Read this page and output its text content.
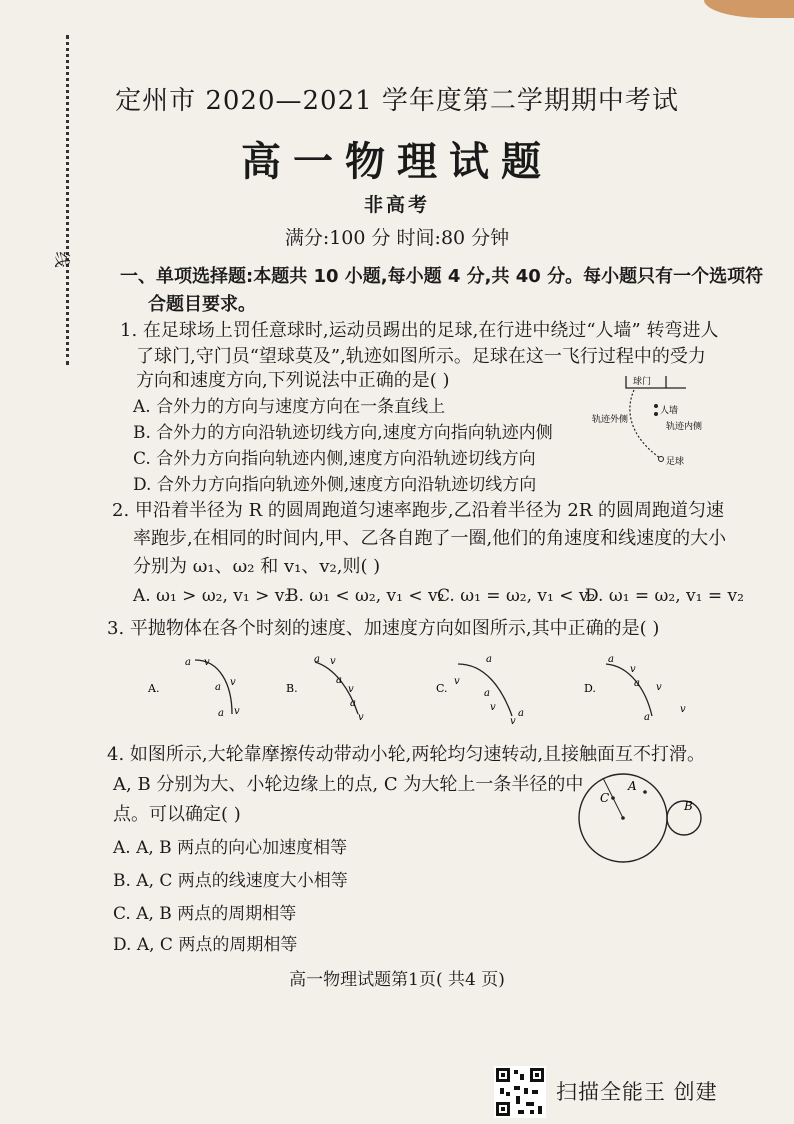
线
定州市 2020—2021 学年度第二学期期中考试
高一物理试题
非高考
满分:100 分 时间:80 分钟
一、单项选择题:本题共 10 小题,每小题 4 分,共 40 分。每小题只有一个选项符
合题目要求。
1. 在足球场上罚任意球时,运动员踢出的足球,在行进中绕过“人墙” 转弯进人
了球门,守门员“望球莫及”,轨迹如图所示。足球在这一飞行过程中的受力
方向和速度方向,下列说法中正确的是( )
A. 合外力的方向与速度方向在一条直线上
B. 合外力的方向沿轨迹切线方向,速度方向指向轨迹内侧
C. 合外力方向指向轨迹内侧,速度方向沿轨迹切线方向
D. 合外力方向指向轨迹外侧,速度方向沿轨迹切线方向
球门
轨迹外侧
人墙
轨迹内侧
足球
2. 甲沿着半径为 R 的圆周跑道匀速率跑步,乙沿着半径为 2R 的圆周跑道匀速
率跑步,在相同的时间内,甲、乙各自跑了一圈,他们的角速度和线速度的大小
分别为 ω₁、ω₂ 和 v₁、v₂,则( )
A. ω₁ > ω₂, v₁ > v₂
B. ω₁ < ω₂, v₁ < v₂
C. ω₁ = ω₂, v₁ < v₂
D. ω₁ = ω₂, v₁ = v₂
3. 平抛物体在各个时刻的速度、加速度方向如图所示,其中正确的是( )
A.
a v
a v
a v
B.
a v
a
v
a
v
C.
a
v
a
v
a
v
D.
a
v
a v
a
v
4. 如图所示,大轮靠摩擦传动带动小轮,两轮均匀速转动,且接触面互不打滑。
A, B 分别为大、小轮边缘上的点, C 为大轮上一条半径的中
点。可以确定( )
A. A, B 两点的向心加速度相等
B. A, C 两点的线速度大小相等
C. A, B 两点的周期相等
D. A, C 两点的周期相等
C
A
B
高一物理试题第1页( 共4 页)
扫描全能王 创建
